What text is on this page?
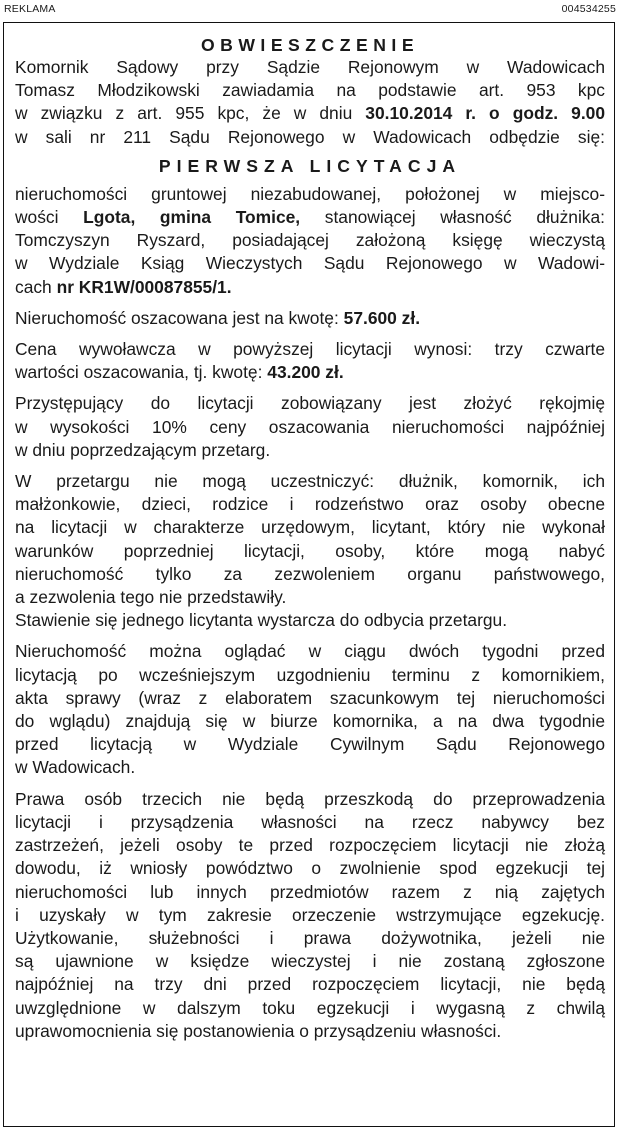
REKLAMA	004534255
OBWIESZCZENIE
Komornik Sądowy przy Sądzie Rejonowym w Wadowicach
Tomasz Młodzikowski zawiadamia na podstawie art. 953 kpc
w związku z art. 955 kpc, że w dniu 30.10.2014 r. o godz. 9.00
w sali nr 211 Sądu Rejonowego w Wadowicach odbędzie się:
PIERWSZA LICYTACJA

nieruchomości gruntowej niezabudowanej, położonej w miejsco-
wości Lgota, gmina Tomice, stanowiącej własność dłużnika:
Tomczyszyn Ryszard, posiadającej założoną księgę wieczystą
w Wydziale Ksiąg Wieczystych Sądu Rejonowego w Wadowi-
cach nr KR1W/00087855/1.

Nieruchomość oszacowana jest na kwotę: 57.600 zł.

Cena wywoławcza w powyższej licytacji wynosi: trzy czwarte
wartości oszacowania, tj. kwotę: 43.200 zł.

Przystępujący do licytacji zobowiązany jest złożyć rękojmię
w wysokości 10% ceny oszacowania nieruchomości najpóźniej
w dniu poprzedzającym przetarg.

W przetargu nie mogą uczestniczyć: dłużnik, komornik, ich
małżonkowie, dzieci, rodzice i rodzeństwo oraz osoby obecne
na licytacji w charakterze urzędowym, licytant, który nie wykonał
warunków poprzedniej licytacji, osoby, które mogą nabyć
nieruchomość tylko za zezwoleniem organu państwowego,
a zezwolenia tego nie przedstawiły.
Stawienie się jednego licytanta wystarcza do odbycia przetargu.

Nieruchomość można oglądać w ciągu dwóch tygodni przed
licytacją po wcześniejszym uzgodnieniu terminu z komornikiem,
akta sprawy (wraz z elaboratem szacunkowym tej nieruchomości
do wglądu) znajdują się w biurze komornika, a na dwa tygodnie
przed licytacją w Wydziale Cywilnym Sądu Rejonowego
w Wadowicach.

Prawa osób trzecich nie będą przeszkodą do przeprowadzenia
licytacji i przysądzenia własności na rzecz nabywcy bez
zastrzeżeń, jeżeli osoby te przed rozpoczęciem licytacji nie złożą
dowodu, iż wniosły powództwo o zwolnienie spod egzekucji tej
nieruchomości lub innych przedmiotów razem z nią zajętych
i uzyskały w tym zakresie orzeczenie wstrzymujące egzekucję.
Użytkowanie, służebności i prawa dożywotnika, jeżeli nie
są ujawnione w księdze wieczystej i nie zostaną zgłoszone
najpóźniej na trzy dni przed rozpoczęciem licytacji, nie będą
uwzględnione w dalszym toku egzekucji i wygasną z chwilą
uprawomocnienia się postanowienia o przysądzeniu własności.
